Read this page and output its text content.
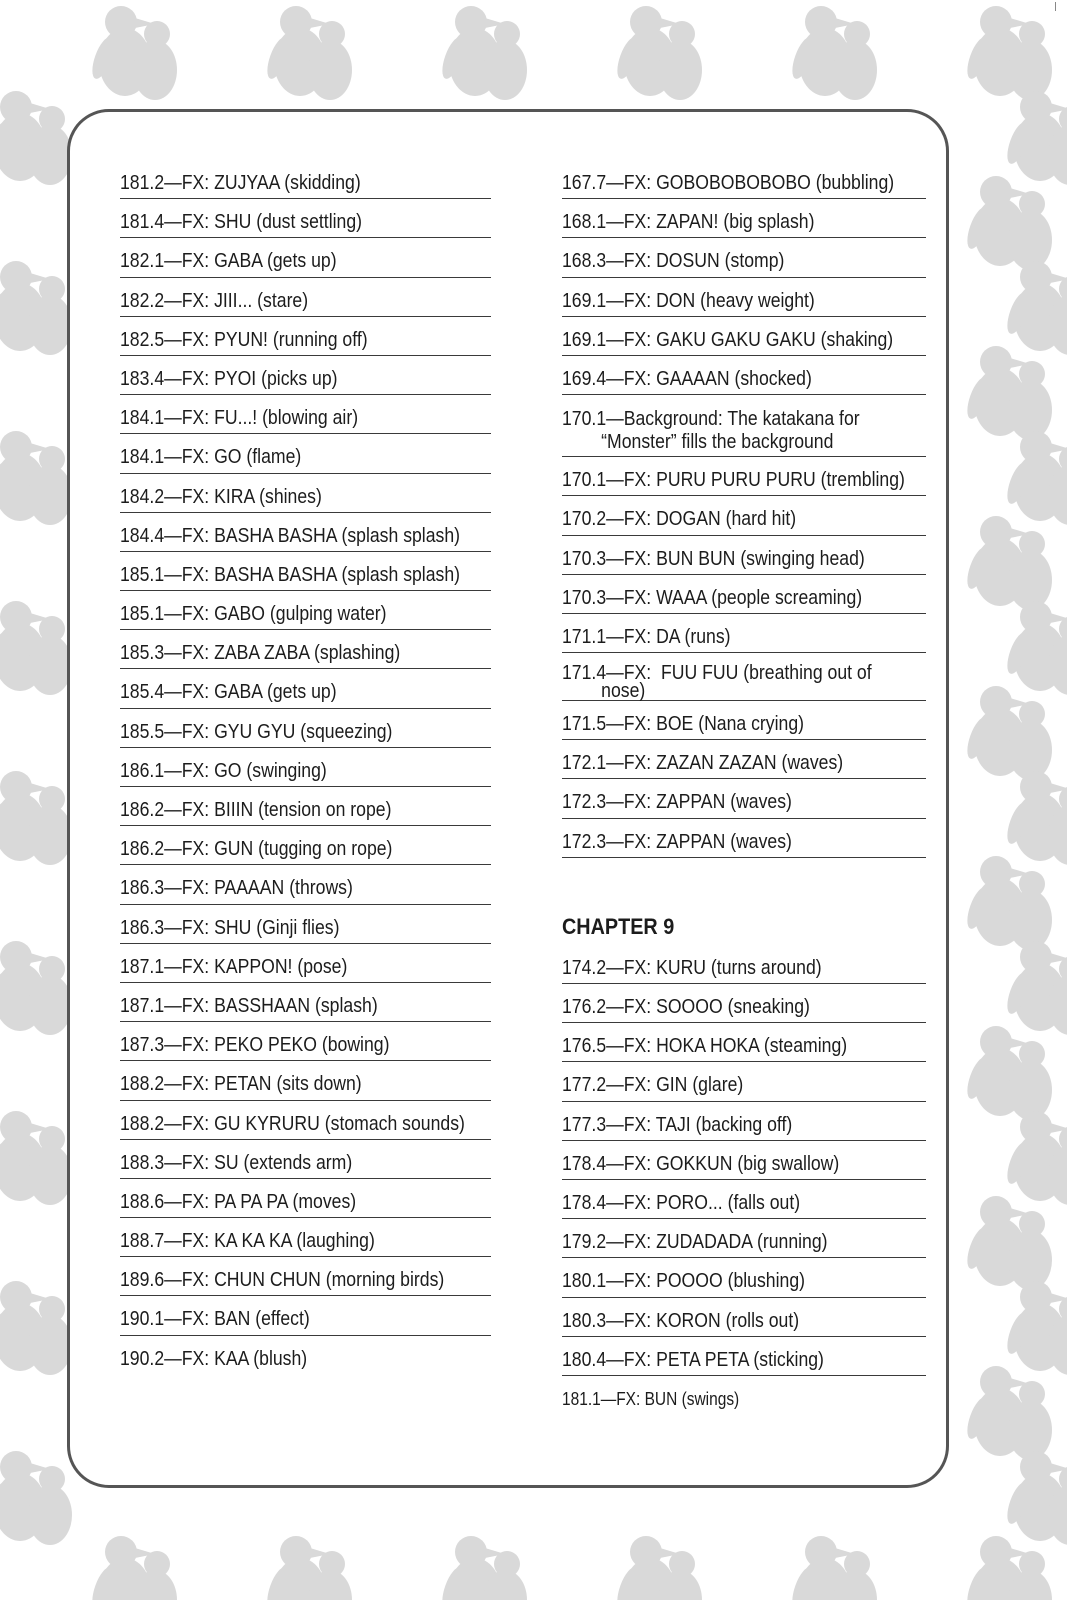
181.2—FX: ZUJYAA (skidding)
181.4—FX: SHU (dust settling)
182.1—FX: GABA (gets up)
182.2—FX: JIII... (stare)
182.5—FX: PYUN! (running off)
183.4—FX: PYOI (picks up)
184.1—FX: FU...! (blowing air)
184.1—FX: GO (flame)
184.2—FX: KIRA (shines)
184.4—FX: BASHA BASHA (splash splash)
185.1—FX: BASHA BASHA (splash splash)
185.1—FX: GABO (gulping water)
185.3—FX: ZABA ZABA (splashing)
185.4—FX: GABA (gets up)
185.5—FX: GYU GYU (squeezing)
186.1—FX: GO (swinging)
186.2—FX: BIIIN (tension on rope)
186.2—FX: GUN (tugging on rope)
186.3—FX: PAAAAN (throws)
186.3—FX: SHU (Ginji flies)
187.1—FX: KAPPON! (pose)
187.1—FX: BASSHAAN (splash)
187.3—FX: PEKO PEKO (bowing)
188.2—FX: PETAN (sits down)
188.2—FX: GU KYRURU (stomach sounds)
188.3—FX: SU (extends arm)
188.6—FX: PA PA PA (moves)
188.7—FX: KA KA KA (laughing)
189.6—FX: CHUN CHUN (morning birds)
190.1—FX: BAN (effect)
190.2—FX: KAA (blush)
167.7—FX: GOBOBOBOBOBO (bubbling)
168.1—FX: ZAPAN! (big splash)
168.3—FX: DOSUN (stomp)
169.1—FX: DON (heavy weight)
169.1—FX: GAKU GAKU GAKU (shaking)
169.4—FX: GAAAAN (shocked)
170.1—Background: The katakana for
“Monster” fills the background
170.1—FX: PURU PURU PURU (trembling)
170.2—FX: DOGAN (hard hit)
170.3—FX: BUN BUN (swinging head)
170.3—FX: WAAA (people screaming)
171.1—FX: DA (runs)
171.4—FX:  FUU FUU (breathing out of
nose)
171.5—FX: BOE (Nana crying)
172.1—FX: ZAZAN ZAZAN (waves)
172.3—FX: ZAPPAN (waves)
172.3—FX: ZAPPAN (waves)
CHAPTER 9
174.2—FX: KURU (turns around)
176.2—FX: SOOOO (sneaking)
176.5—FX: HOKA HOKA (steaming)
177.2—FX: GIN (glare)
177.3—FX: TAJI (backing off)
178.4—FX: GOKKUN (big swallow)
178.4—FX: PORO... (falls out)
179.2—FX: ZUDADADA (running)
180.1—FX: POOOO (blushing)
180.3—FX: KORON (rolls out)
180.4—FX: PETA PETA (sticking)
181.1—FX: BUN (swings)
